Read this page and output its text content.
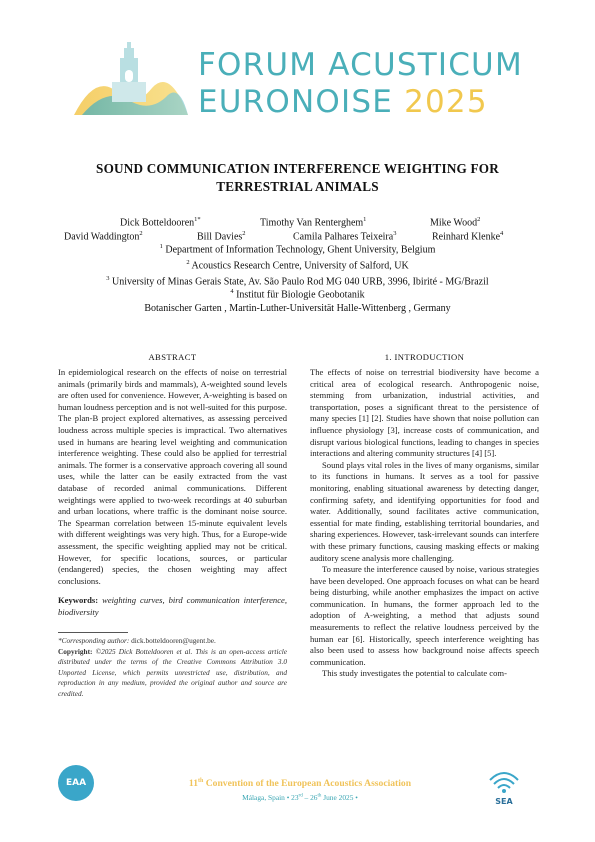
FORUM ACUSTICUM
EURONOISE 2025
SOUND COMMUNICATION INTERFERENCE WEIGHTING FOR
TERRESTRIAL ANIMALS
Dick Botteldooren$^{1*}$	Timothy Van Renterghem$^1$	Mike Wood$^2$
David Waddington$^2$	Bill Davies$^2$	Camila Palhares Teixeira$^3$	Reinhard Klenke$^4$
$^1$ Department of Information Technology, Ghent University, Belgium
$^2$ Acoustics Research Centre, University of Salford, UK
$^3$ University of Minas Gerais State, Av. São Paulo Rod MG 040 URB, 3996, Ibirité - MG/Brazil
$^4$ Institut für Biologie Geobotanik
Botanischer Garten , Martin-Luther-Universität Halle-Wittenberg , Germany
ABSTRACT

In epidemiological research on the effects of noise on terrestrial animals (primarily birds and mammals), A-weighted sound levels are often used for convenience. However, A-weighting is based on human loudness perception and is not well-suited for this purpose. The plan-B project explored alternatives, as assessing perceived loudness across multiple species is impractical. Two alternatives used in humans are hearing level weighting and communication interference weighting. These could also be applied for terrestrial animals. The former is a conservative approach covering all sound uses, while the latter can be easily extracted from the vast database of recorded animal communications. Different weightings were applied to two-week recordings at 40 suburban and urban locations, where traffic is the dominant noise source. The Spearman correlation between 15-minute equivalent levels with different weightings was very high. Thus, for a Europe-wide assessment, the specific weighting applied may not be critical. However, for specific locations, sources, or particular (endangered) species, the chosen weighting may affect conclusions.

Keywords: weighting curves, bird communication interference, biodiversity

*Corresponding author: dick.botteldooren@ugent.be.
Copyright: ©2025 Dick Botteldooren et al. This is an open-access article distributed under the terms of the Creative Commons Attribution 3.0 Unported License, which permits unrestricted use, distribution, and reproduction in any medium, provided the original author and source are credited.
1. INTRODUCTION

The effects of noise on terrestrial biodiversity have become a critical area of ecological research. Anthropogenic noise, stemming from urbanization, industrial activities, and transportation, poses a significant threat to the persistence of many species [1] [2]. Studies have shown that noise pollution can influence physiology [3], increase costs of communication, and disrupt various biological functions, leading to changes in species interactions and altering community structures [4] [5].

Sound plays vital roles in the lives of many organisms, similar to its functions in humans. It serves as a tool for passive monitoring, enabling situational awareness by detecting danger, confirming safety, and identifying opportunities for food and water. Additionally, sound facilitates active communication, essential for mate finding, establishing territorial boundaries, and sharing experiences. However, task-irrelevant sounds can interfere with these primary functions, causing masking effects or making auditory scene analysis more challenging.

To measure the interference caused by noise, various strategies have been developed. One approach focuses on what can be heard being disturbing, while another emphasizes the impact on active communication. In humans, the former approach led to the adoption of A-weighting, a method that adjusts sound measurements to reflect the relative loudness perceived by the human ear [6]. Historically, speech interference weighting has also been used to assess how background noise affects speech communication.

This study investigates the potential to calculate com-

EAA	11th Convention of the European Acoustics Association
Málaga, Spain • 23rd – 26th June 2025 •	SEA
